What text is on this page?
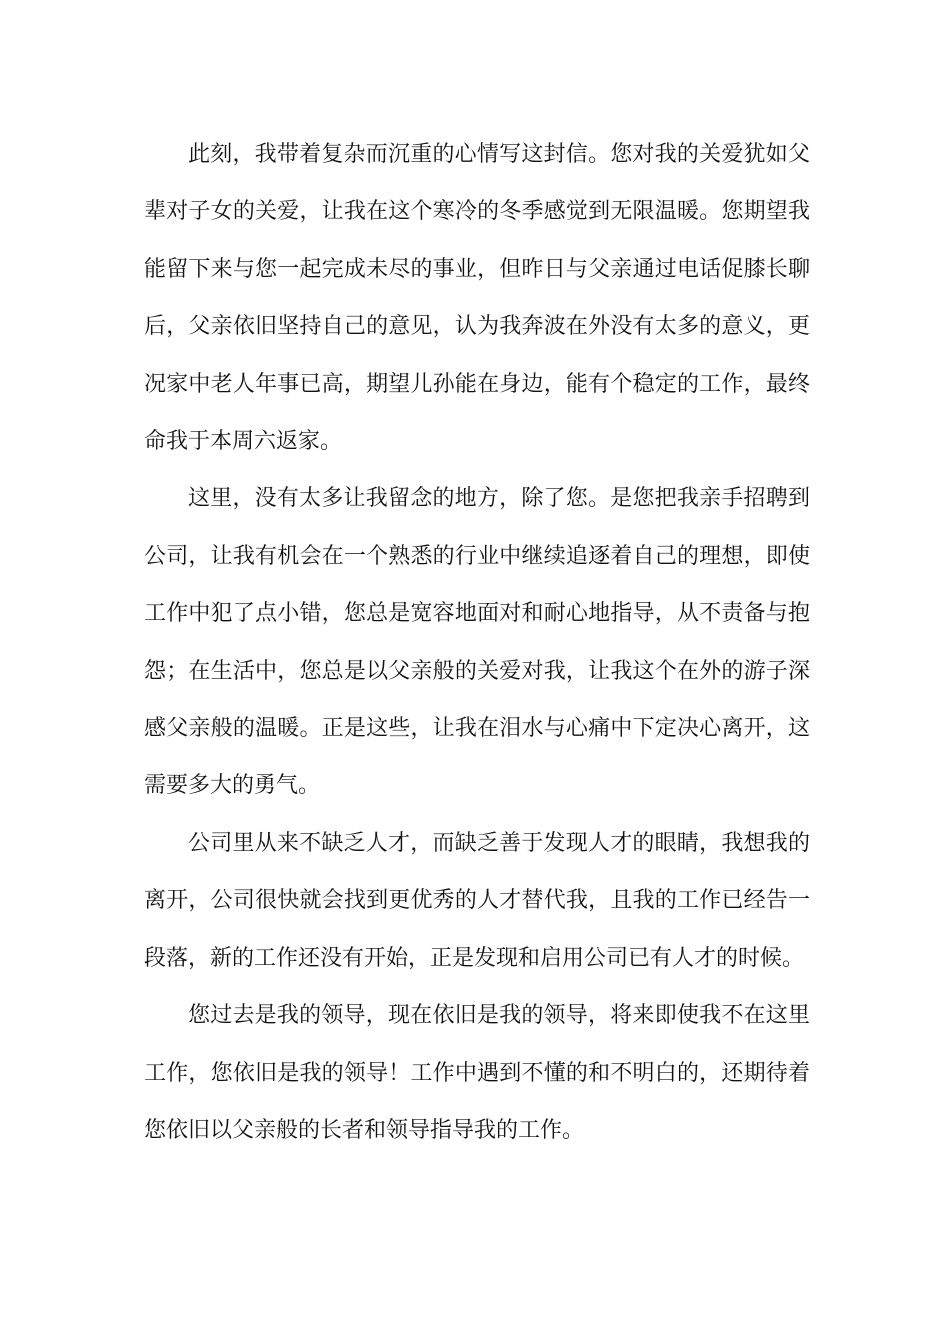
此刻，我带着复杂而沉重的心情写这封信。您对我的关爱犹如父辈对子女的关爱，让我在这个寒冷的冬季感觉到无限温暖。您期望我能留下来与您一起完成未尽的事业，但昨日与父亲通过电话促膝长聊后，父亲依旧坚持自己的意见，认为我奔波在外没有太多的意义，更况家中老人年事已高，期望儿孙能在身边，能有个稳定的工作，最终命我于本周六返家。

这里，没有太多让我留念的地方，除了您。是您把我亲手招聘到公司，让我有机会在一个熟悉的行业中继续追逐着自己的理想，即使工作中犯了点小错，您总是宽容地面对和耐心地指导，从不责备与抱怨；在生活中，您总是以父亲般的关爱对我，让我这个在外的游子深感父亲般的温暖。正是这些，让我在泪水与心痛中下定决心离开，这需要多大的勇气。

公司里从来不缺乏人才，而缺乏善于发现人才的眼睛，我想我的离开，公司很快就会找到更优秀的人才替代我，且我的工作已经告一段落，新的工作还没有开始，正是发现和启用公司已有人才的时候。

您过去是我的领导，现在依旧是我的领导，将来即使我不在这里工作，您依旧是我的领导！工作中遇到不懂的和不明白的，还期待着您依旧以父亲般的长者和领导指导我的工作。
